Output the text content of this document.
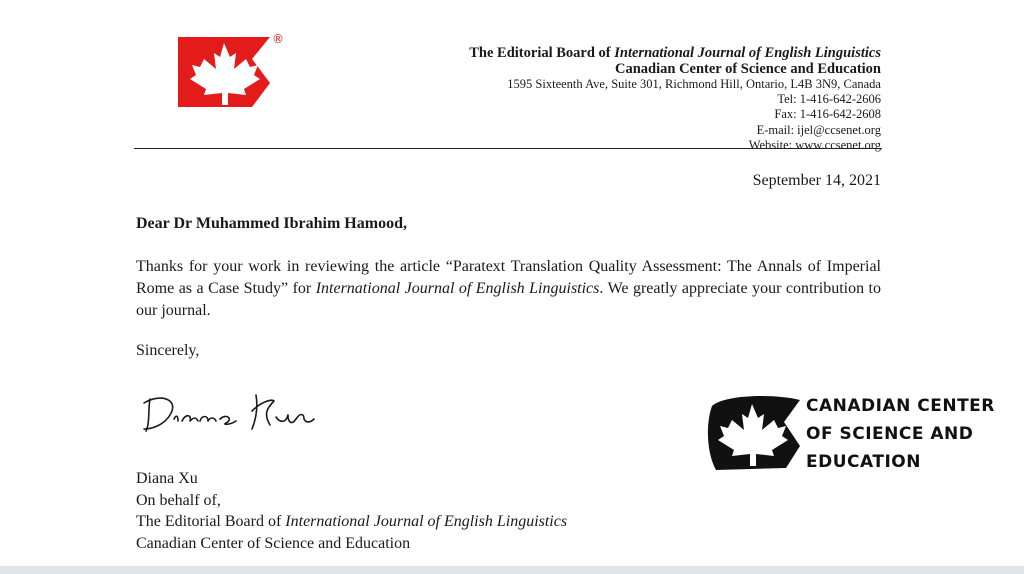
®
The Editorial Board of International Journal of English Linguistics
Canadian Center of Science and Education
1595 Sixteenth Ave, Suite 301, Richmond Hill, Ontario, L4B 3N9, Canada
Tel: 1-416-642-2606
Fax: 1-416-642-2608
E-mail: ijel@ccsenet.org
Website: www.ccsenet.org
September 14, 2021
Dear Dr Muhammed Ibrahim Hamood,
Thanks for your work in reviewing the article “Paratext Translation Quality Assessment: The Annals of Imperial Rome as a Case Study” for International Journal of English Linguistics. We greatly appreciate your contribution to our journal.
Sincerely,
Diana Xu
On behalf of,
The Editorial Board of International Journal of English Linguistics
Canadian Center of Science and Education
CANADIAN CENTER
OF SCIENCE AND
EDUCATION
